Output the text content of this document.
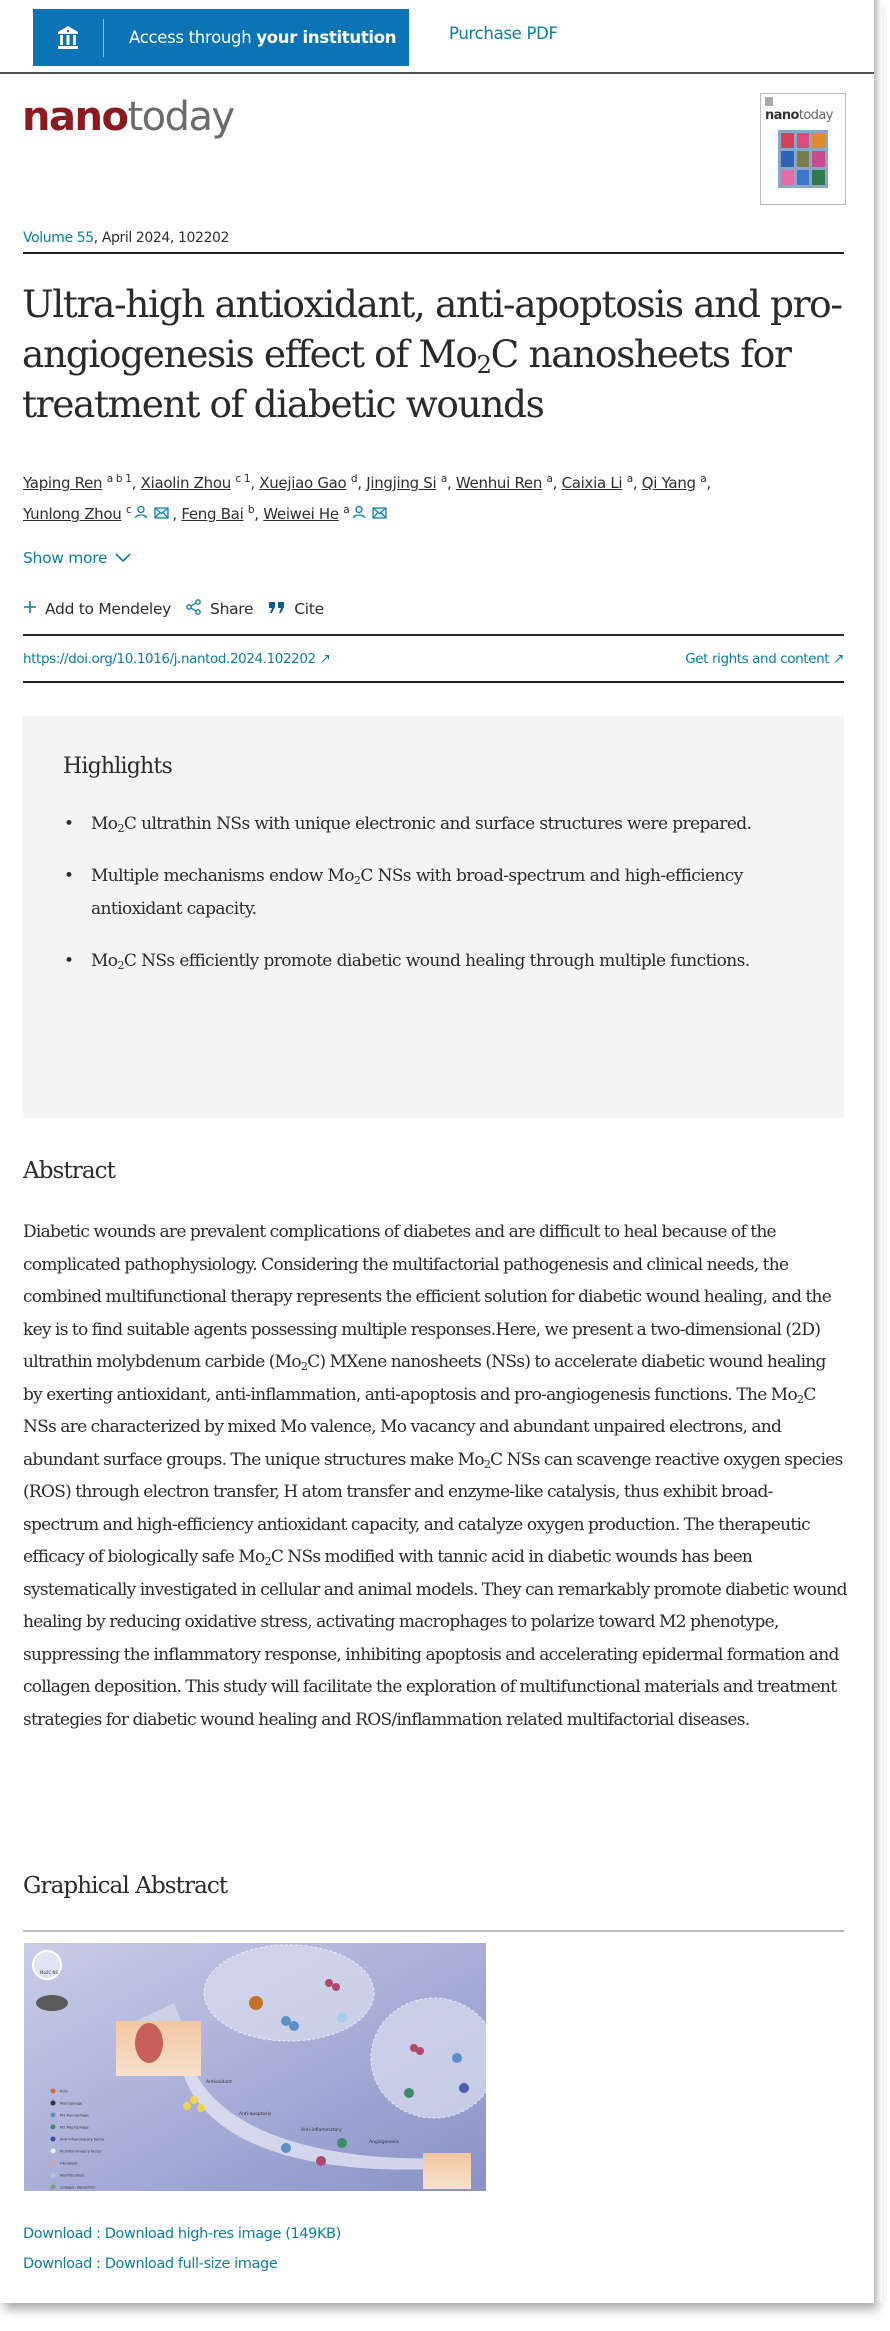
Access through your institution	Purchase PDF
nanotoday	nanotoday
Volume 55, April 2024, 102202
Ultra-high antioxidant, anti-apoptosis and pro-angiogenesis effect of $Mo_2C$ nanosheets for treatment of diabetic wounds
Yaping Ren $^{a b 1}$, Xiaolin Zhou $^{c 1}$, Xuejiao Gao $^d$, Jingjing Si $^a$, Wenhui Ren $^a$, Caixia Li $^a$, Qi Yang $^a$,
Yunlong Zhou $^c$	, Feng Bai $^b$, Weiwei He $^a$
Show more
Add to Mendeley	Share	Cite
https://doi.org/10.1016/j.nantod.2024.102202 ↗	Get rights and content ↗
Highlights
• $Mo_2C$ ultrathin NSs with unique electronic and surface structures were prepared.
• Multiple mechanisms endow $Mo_2C$ NSs with broad-spectrum and high-efficiency antioxidant capacity.
• $Mo_2C$ NSs efficiently promote diabetic wound healing through multiple functions.
Abstract

Diabetic wounds are prevalent complications of diabetes and are difficult to heal because of the complicated pathophysiology. Considering the multifactorial pathogenesis and clinical needs, the combined multifunctional therapy represents the efficient solution for diabetic wound healing, and the key is to find suitable agents possessing multiple responses.Here, we present a two-dimensional (2D) ultrathin molybdenum carbide $(Mo_2C)$ MXene nanosheets (NSs) to accelerate diabetic wound healing by exerting antioxidant, anti-inflammation, anti-apoptosis and pro-angiogenesis functions. The $Mo_2C$ NSs are characterized by mixed Mo valence, Mo vacancy and abundant unpaired electrons, and abundant surface groups. The unique structures make $Mo_2C$ NSs can scavenge reactive oxygen species (ROS) through electron transfer, H atom transfer and enzyme-like catalysis, thus exhibit broad-spectrum and high-efficiency antioxidant capacity, and catalyze oxygen production. The therapeutic efficacy of biologically safe $Mo_2C$ NSs modified with tannic acid in diabetic wounds has been systematically investigated in cellular and animal models. They can remarkably promote diabetic wound healing by reducing oxidative stress, activating macrophages to polarize toward M2 phenotype, suppressing the inflammatory response, inhibiting apoptosis and accelerating epidermal formation and collagen deposition. This study will facilitate the exploration of multifunctional materials and treatment strategies for diabetic wound healing and ROS/inflammation related multifactorial diseases.

Graphical Abstract
Mo2C NS
Antioxidant
Anti-apoptosis
Anti-inflammatory
Angiogenesis
ROS
Macrophage
M1 Macrophage
M2 Macrophage
Anti-inflammatory factor
Proinflammatory factor
Fibroblast
Myofibroblast
Collagen deposition
Download : Download high-res image (149KB)
Download : Download full-size image
